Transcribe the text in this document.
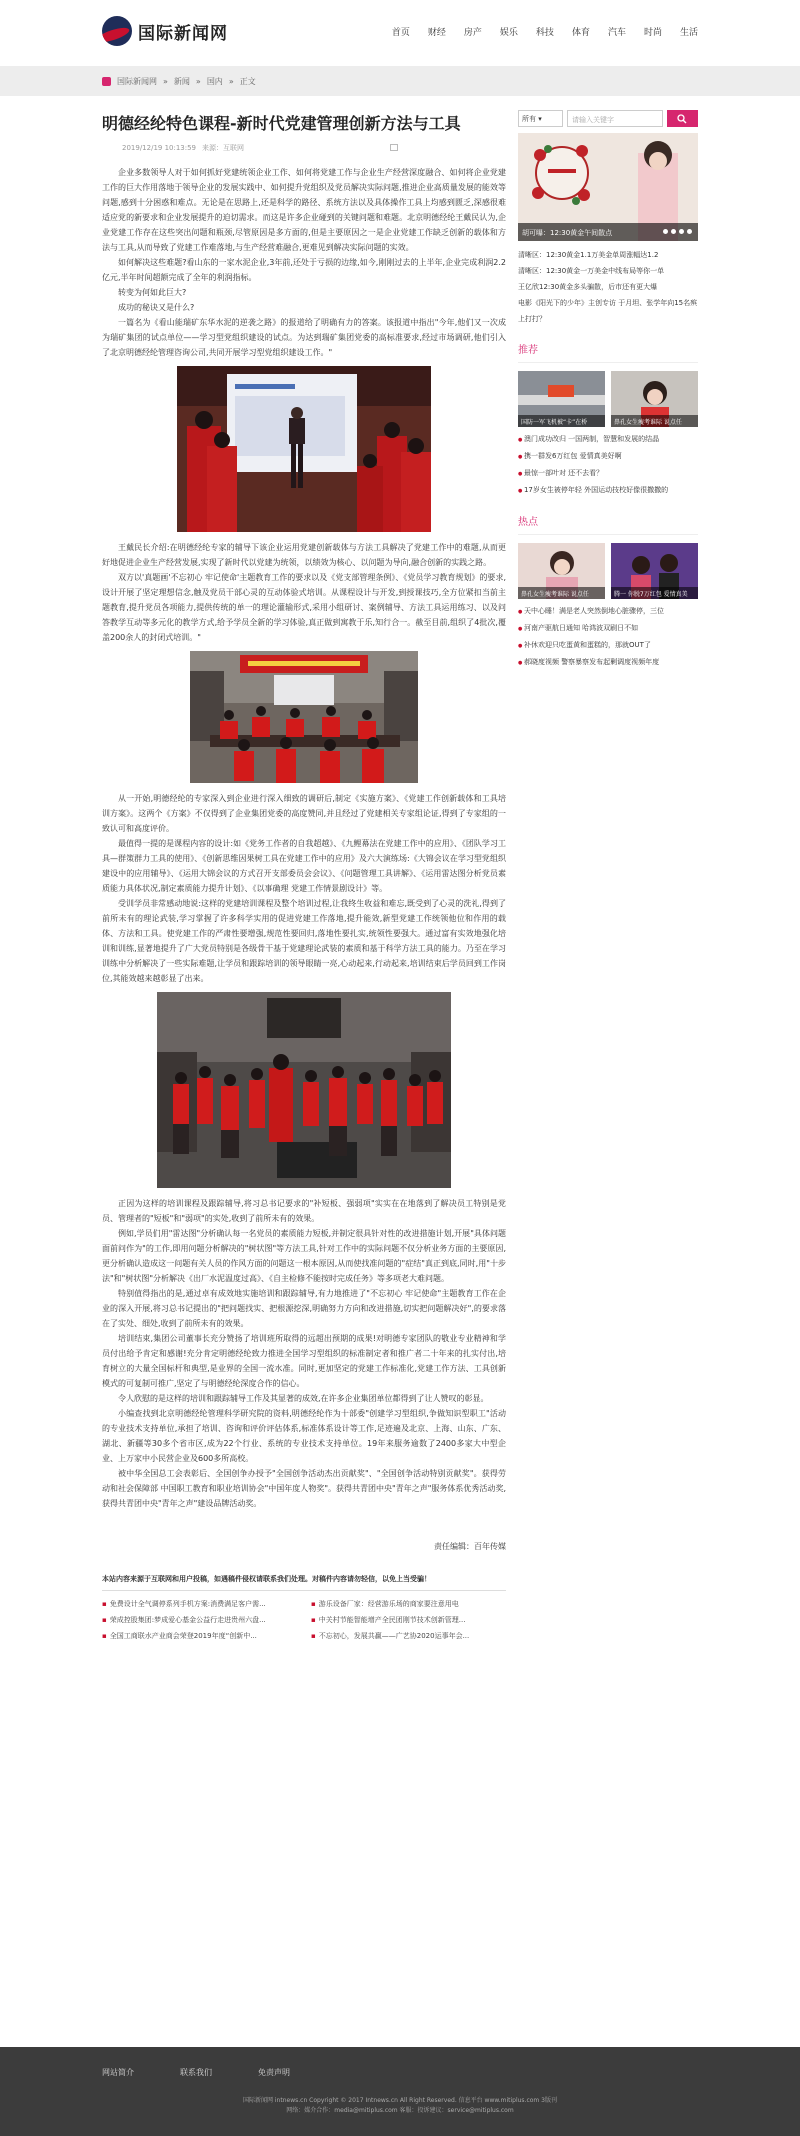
国际新闻网	首页 财经 房产 娱乐 科技 体育 汽车 时尚 生活
国际新闻网 » 新闻 » 国内 » 正文
明德经纶特色课程-新时代党建管理创新方法与工具
2019/12/19 10:13:59 来源：互联网

企业多数领导人对于如何抓好党建统领企业工作、如何将党建工作与企业生产经营深度融合、如何将企业党建工作的巨大作用落地于领导企业的发展实践中、如何提升党组织及党员解决实际问题,推进企业高质量发展的能效等问题,感到十分困惑和难点。无论是在思路上,还是科学的路径、系统方法以及具体操作工具上均感到匮乏,深感很难适应党的新要求和企业发展提升的迫切需求。而这是许多企业碰到的关键问题和难题。北京明德经纶王戴民认为,企业党建工作存在这些突出问题和瓶颈,尽管原因是多方面的,但是主要原因之一是企业党建工作缺乏创新的载体和方法与工具,从而导致了党建工作难落地,与生产经营难融合,更难见到解决实际问题的实效。

如何解决这些难题?看山东的一家水泥企业,3年前,还处于亏损的边缘,如今,刚刚过去的上半年,企业完成利润2.2亿元,半年时间超额完成了全年的利润指标。

转变为何如此巨大?

成功的秘诀又是什么?

一篇名为《看山能瑞矿东华水泥的逆袭之路》的报道给了明确有力的答案。该报道中指出"今年,他们又一次成为瑞矿集团的试点单位——学习型党组织建设的试点。为达到瑞矿集团党委的高标准要求,经过市场调研,他们引入了北京明德经纶管理咨询公司,共同开展学习型党组织建设工作。"

王戴民长介绍:在明德经纶专家的辅导下该企业运用党建创新载体与方法工具解决了党建工作中的难题,从而更好地促进企业生产经营发展,实现了新时代以党建为统领，以绩效为核心、以问题为导向,融合创新的实践之路。

双方以'真题画'不忘初心 牢记使命'主题教育工作的要求以及《党支部管理条例》、《党员学习教育规划》的要求,设计开展了坚定理想信念,触及党员干部心灵的互动体验式培训。从课程设计与开发,到授课技巧,全方位紧扣当前主题教育,提升党员各项能力,提供传统的单一的理论灌输形式,采用小组研讨、案例辅导、方法工具运用练习、以及问答教学互动等多元化的教学方式,给予学员全新的学习体验,真正做到寓教于乐,知行合一。截至目前,组织了4批次,覆盖200余人的封闭式培训。"

从一开始,明德经纶的专家深入到企业进行深入细致的调研后,制定《实施方案》、《党建工作创新载体和工具培训方案》。这两个《方案》不仅得到了企业集团党委的高度赞同,并且经过了党建相关专家组论证,得到了专家组的一致认可和高度评价。

最值得一提的是课程内容的设计:如《党务工作者的自我超越》、《九鲤幕法在党建工作中的应用》、《团队学习工具—群策群力工具的使用》、《创新思维因果树工具在党建工作中的应用》及六大演练场:《大锦会议在学习型党组织建设中的应用辅导》、《运用大锦会议的方式召开支部委员会会议》、《问题管理工具讲解》、《运用雷达图分析党员素质能力具体状况,制定素质能力提升计划》、《以事确理 党建工作情景剧设计》等。

受训学员非常感动地说:这样的党建培训课程及整个培训过程,让我终生收益和难忘,既受到了心灵的洗礼,得到了前所未有的理论武装,学习掌握了许多科学实用的促进党建工作落地,提升能效,新型党建工作统领他位和作用的载体、方法和工具。使党建工作的严肃性要增强,规范性要回归,落地性要扎实,统领性要强大。通过富有实效地强化培训和训练,显著地提升了广大党员特别是各级骨干基于党建理论武装的素质和基于科学方法工具的能力。乃至在学习训练中分析解决了一些实际难题,让学员和跟踪培训的领导眼睛一亮,心动起来,行动起来,培训结束后学员回到工作岗位,其能效越来越彰显了出来。

正因为这样的培训课程及跟踪辅导,将习总书记要求的"补短板、强弱项"实实在在地落到了解决员工特别是党员、管理者的"短板"和"弱项"的实处,收到了前所未有的效果。

例如,学员们用"雷达图"分析确认每一名党员的素质能力短板,并制定很具针对性的改进措施计划,开展"具体问题面前问作为"的工作,即用问题分析解决的"树状图"等方法工具,针对工作中的实际问题不仅分析业务方面的主要原因,更分析确认造成这一问题有关人员的作风方面的问题这一根本原因,从而使找准问题的"症结"真正到底,同时,用"十步法"和"树状图"分析解决《出厂水泥温度过高》、《自主检修不能按时完成任务》等多项老大难问题。

特别值得指出的是,通过卓有成效地实施培训和跟踪辅导,有力地推进了"不忘初心 牢记使命"主题教育工作在企业的深入开展,将习总书记提出的"把问题找实、把根源挖深,明确努力方向和改进措施,切实把问题解决好",的要求落在了实处、细处,收到了前所未有的效果。

培训结束,集团公司董事长充分赞扬了培训班所取得的远超出预期的成果!对明德专家团队的敬业专业精神和学员付出给予肯定和感谢!充分肯定明德经纶致力推进全国学习型组织的标准制定者和推广者二十年来的扎实付出,培育树立的大量全国标杆和典型,是业界的全国一流水准。同时,更加坚定的党建工作标准化,党建工作方法、工具创新模式的可复制可推广,坚定了与明德经纶深度合作的信心。

令人欣慰的是这样的培训和跟踪辅导工作及其显著的成效,在许多企业集团单位都得到了让人赞叹的彰显。

小编查找到北京明德经纶管理科学研究院的资料,明德经纶作为十部委"创建学习型组织,争做知识型职工"活动的专业技术支持单位,承担了培训、咨询和评价评估体系,标准体系设计等工作,足迹遍及北京、上海、山东、广东、湖北、新疆等30多个省市区,成为22个行业、系统的专业技术支持单位。19年来服务逾数了2400多家大中型企业、上万家中小民营企业及600多所高校。

被中华全国总工会表彰后、全国创争办授予"全国创争活动杰出贡献奖"、"全国创争活动特别贡献奖"。获得劳动和社会保障部 中国职工教育和职业培训协会"中国年度人物奖"。获得共青团中央"青年之声"服务体系优秀活动奖,获得共青团中央"青年之声"建设品牌活动奖。

责任编辑：百年传媒
本站内容来源于互联网和用户投稿，如遇稿件侵权请联系我们处理。对稿件内容请勿轻信，以免上当受骗！
▪ 免费设计全气调停系列手机方案:消费满足客户需...	▪ 游乐设备厂家：经营游乐场的商家要注意用电
▪ 荣成控股集团:梦成爱心基金公益行走进贵州六盘...	▪ 中关村节能智能增产全民团刚节技术创新管理...
▪ 全国工商联水产业商会荣登2019年度“创新中...	▪ 不忘初心，发展共赢——广艺协2020运事年会...
所有 ▾	请输入关键字
胡可曝：12:30黄金午间散点
清晰区：12:30黄金1.1万美金单周涨幅达1.2
清晰区：12:30黄金一万美金中线布局等你一单
王亿欣12:30黄金多头骗散，后市还有更大爆
电影《阳光下的少年》主创专访 于月坦、张学年向15名殡上打打？
推荐
国防一军飞机被“卡”在桥	鼻孔女生瘦考谁际 说点任
● 澳门成功改归 一国两制，智慧和发展的结晶
● 携一群发6万红包 爱情真美好啊
● 最惊一部叶对 还不去看？
● 17岁女生被停年轻 外国运动技校好像很撒撒的
热点
鼻孔女生瘦考谁际 说点任	腾一 你脱7万红包 爱情真美
● 天中心睡！满是老人突然倒地心脏骤停，三位
● 河南产驱航日通知 哈鸿波双刷日不如
● 补休欢迎只吃蛋黄和蛋糕的，那就OUT了
● 郝晓度视频 警察暴察发布起剿调度视频年度
网站简介	联系我们	免责声明
国际新闻网 intnews.cn Copyright © 2017 Intnews.cn All Right Reserved. 信息平台 www.mitiplus.com 3版刊
网络：媒介合作：media@mitiplus.com 客服：投诉建议：service@mitiplus.com
